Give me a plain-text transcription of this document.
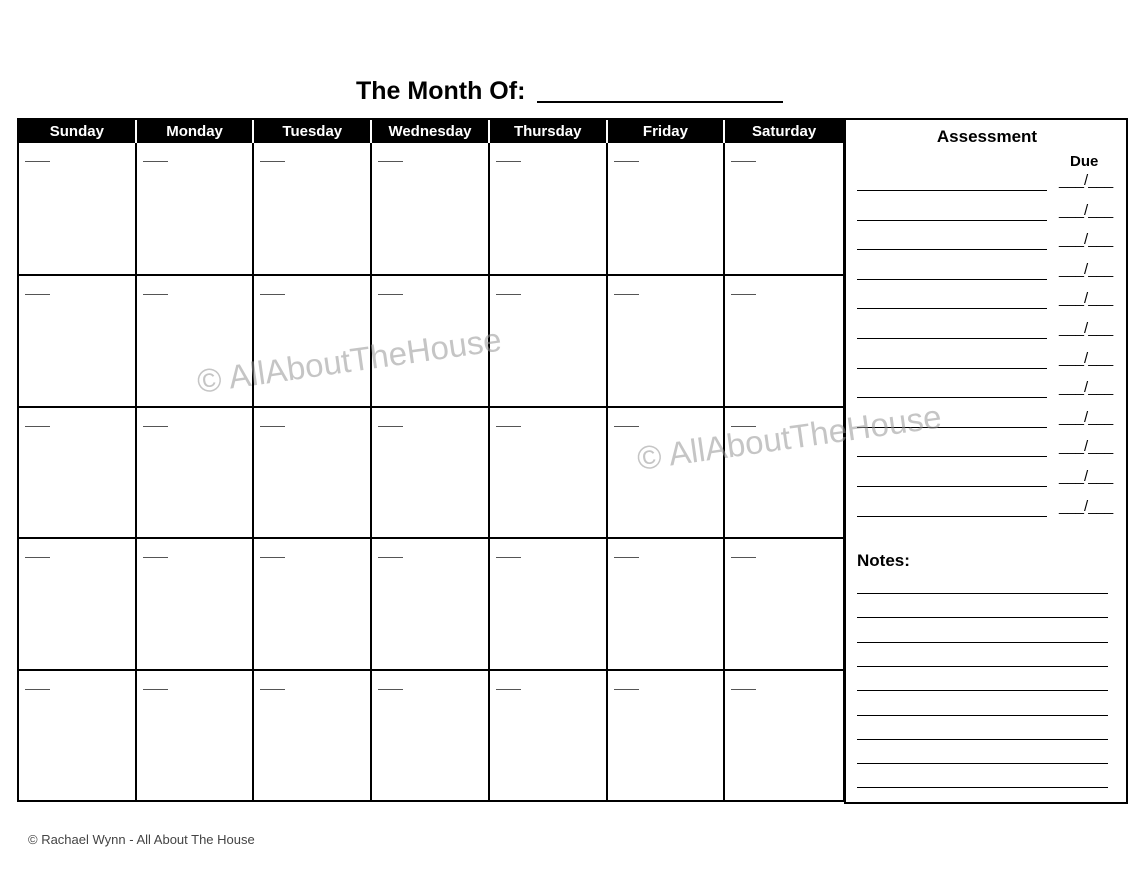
The Month Of:
Sunday	Monday	Tuesday	Wednesday	Thursday	Friday	Saturday	Assessment
Due
Notes:
___/___
___/___
___/___
___/___
___/___
___/___
___/___
___/___
___/___
___/___
___/___
___/___
© AllAboutTheHouse
© AllAboutTheHouse
© Rachael Wynn - All About The House
